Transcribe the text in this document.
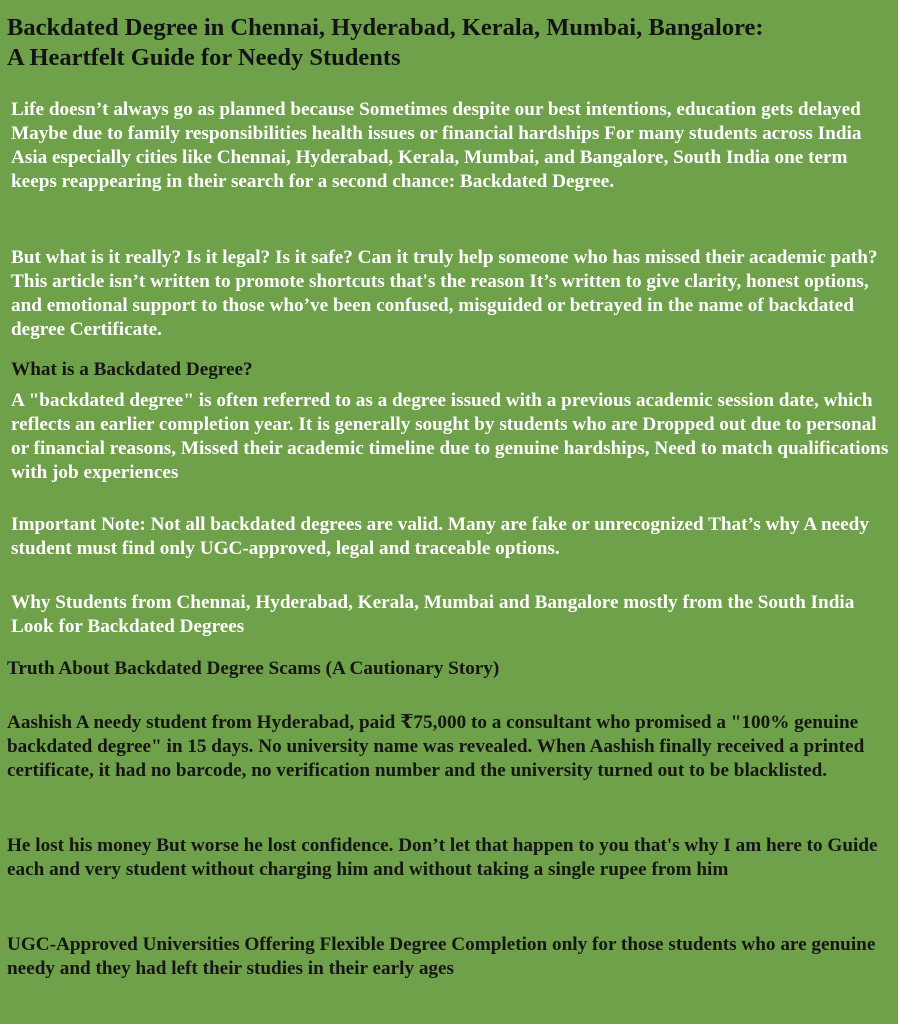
Backdated Degree in Chennai, Hyderabad, Kerala, Mumbai, Bangalore:
A Heartfelt Guide for Needy Students

Life doesn’t always go as planned because Sometimes despite our best intentions, education gets delayed Maybe due to family responsibilities health issues or financial hardships For many students across India Asia especially cities like Chennai, Hyderabad, Kerala, Mumbai, and Bangalore, South India one term keeps reappearing in their search for a second chance: Backdated Degree.

But what is it really? Is it legal? Is it safe? Can it truly help someone who has missed their academic path? This article isn’t written to promote shortcuts that's the reason It’s written to give clarity, honest options, and emotional support to those who’ve been confused, misguided or betrayed in the name of backdated degree Certificate.

What is a Backdated Degree?

A "backdated degree" is often referred to as a degree issued with a previous academic session date, which reflects an earlier completion year. It is generally sought by students who are Dropped out due to personal or financial reasons, Missed their academic timeline due to genuine hardships, Need to match qualifications with job experiences

Important Note: Not all backdated degrees are valid. Many are fake or unrecognized That’s why A needy student must find only UGC-approved, legal and traceable options.

Why Students from Chennai, Hyderabad, Kerala, Mumbai and Bangalore mostly from the South India Look for Backdated Degrees

Truth About Backdated Degree Scams (A Cautionary Story)

Aashish A needy student from Hyderabad, paid ₹75,000 to a consultant who promised a "100% genuine backdated degree" in 15 days. No university name was revealed. When Aashish finally received a printed certificate, it had no barcode, no verification number and the university turned out to be blacklisted.

He lost his money But worse he lost confidence. Don’t let that happen to you that's why I am here to Guide each and very student without charging him and without taking a single rupee from him

UGC-Approved Universities Offering Flexible Degree Completion only for those students who are genuine needy and they had left their studies in their early ages
